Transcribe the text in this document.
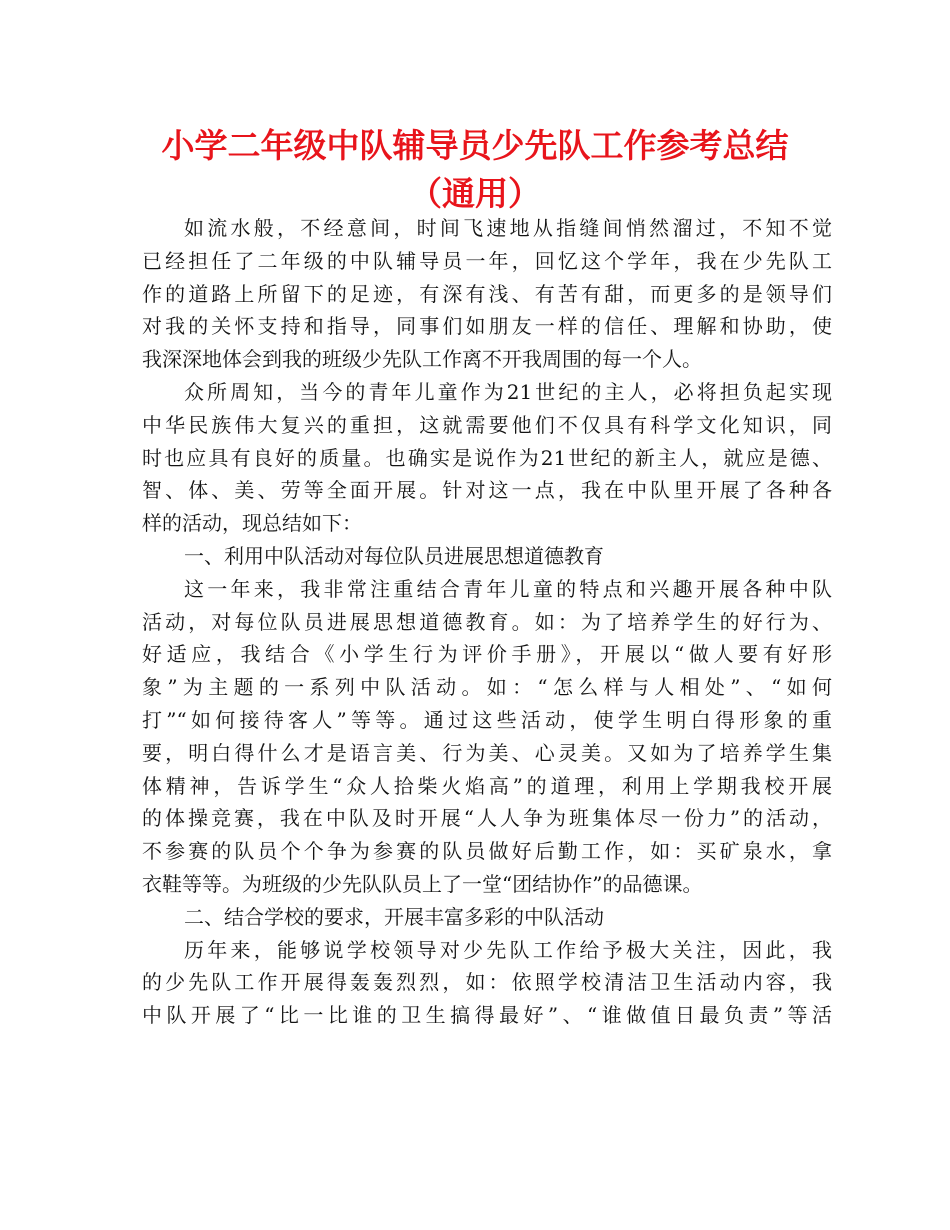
小学二年级中队辅导员少先队工作参考总结（通用）
如流水般，不经意间，时间飞速地从指缝间悄然溜过，不知不觉
已经担任了二年级的中队辅导员一年，回忆这个学年，我在少先队工
作的道路上所留下的足迹，有深有浅、有苦有甜，而更多的是领导们
对我的关怀支持和指导，同事们如朋友一样的信任、理解和协助，使
我深深地体会到我的班级少先队工作离不开我周围的每一个人。
众所周知，当今的青年儿童作为21世纪的主人，必将担负起实现
中华民族伟大复兴的重担，这就需要他们不仅具有科学文化知识，同
时也应具有良好的质量。也确实是说作为21世纪的新主人，就应是德、
智、体、美、劳等全面开展。针对这一点，我在中队里开展了各种各
样的活动，现总结如下：
一、利用中队活动对每位队员进展思想道德教育
这一年来，我非常注重结合青年儿童的特点和兴趣开展各种中队
活动，对每位队员进展思想道德教育。如：为了培养学生的好行为、
好适应，我结合《小学生行为评价手册》，开展以“做人要有好形
象”为主题的一系列中队活动。如：“怎么样与人相处”、“如何
打”“如何接待客人”等等。通过这些活动，使学生明白得形象的重
要，明白得什么才是语言美、行为美、心灵美。又如为了培养学生集
体精神，告诉学生“众人拾柴火焰高”的道理，利用上学期我校开展
的体操竞赛，我在中队及时开展“人人争为班集体尽一份力”的活动，
不参赛的队员个个争为参赛的队员做好后勤工作，如：买矿泉水，拿
衣鞋等等。为班级的少先队队员上了一堂“团结协作”的品德课。
二、结合学校的要求，开展丰富多彩的中队活动
历年来，能够说学校领导对少先队工作给予极大关注，因此，我
的少先队工作开展得轰轰烈烈，如：依照学校清洁卫生活动内容，我
中队开展了“比一比谁的卫生搞得最好”、“谁做值日最负责”等活
